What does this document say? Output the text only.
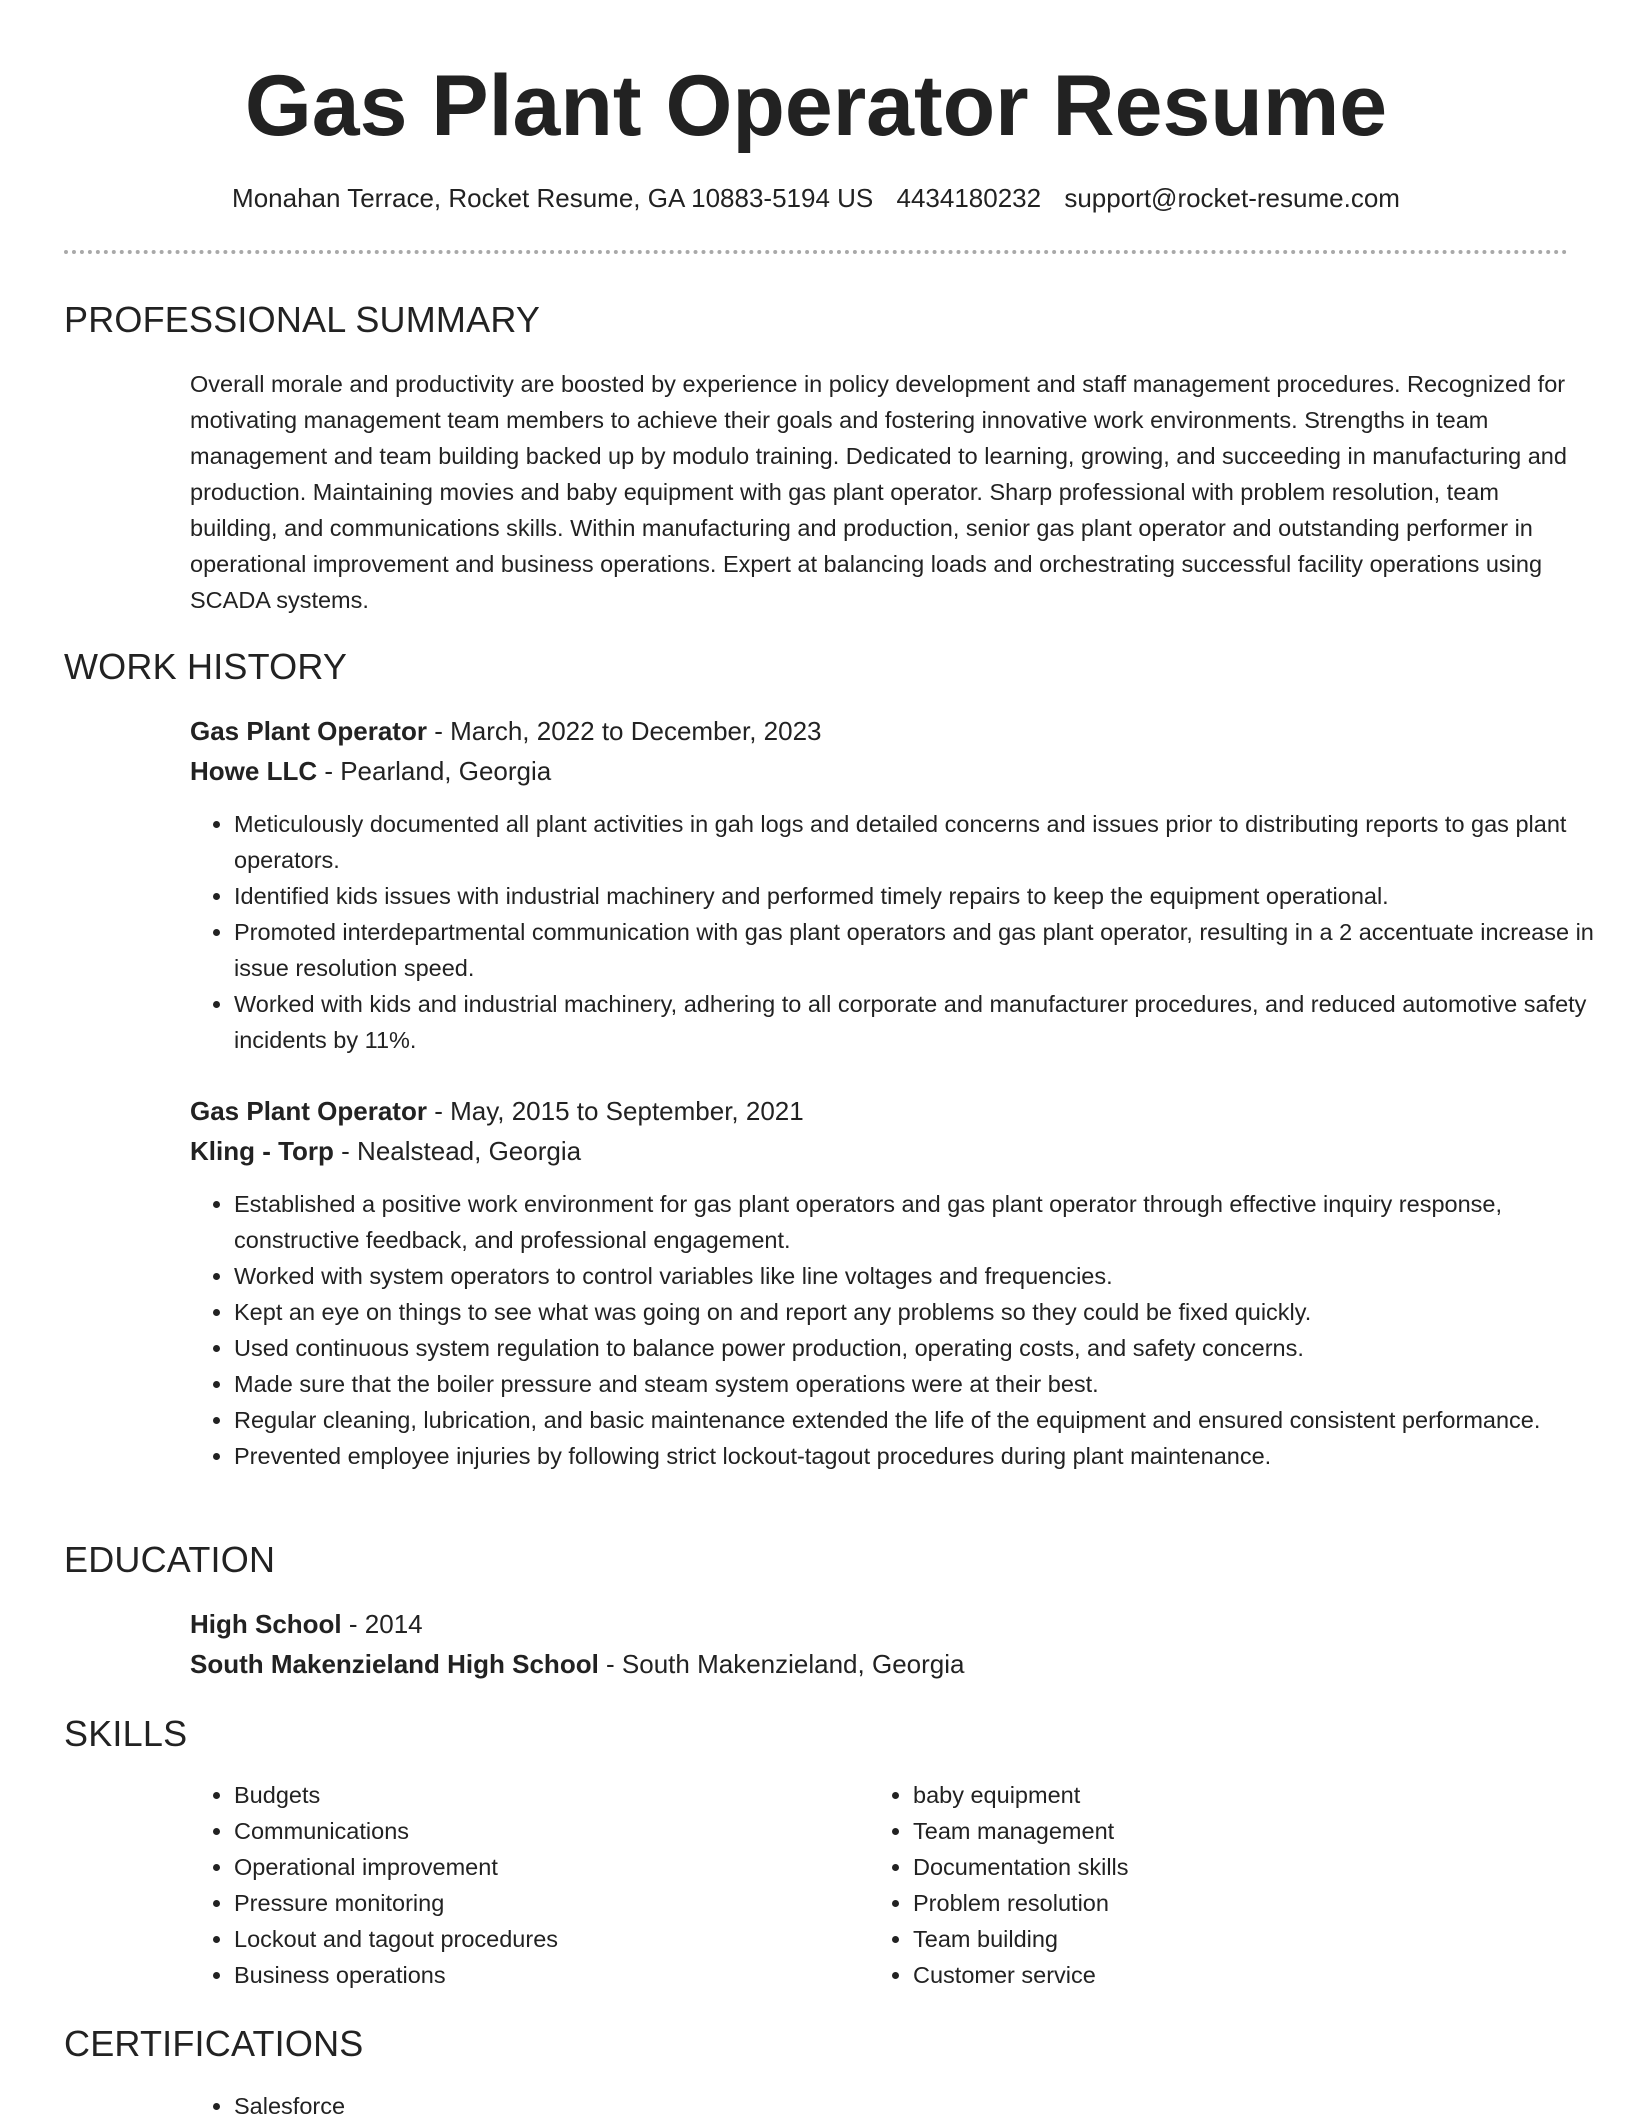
Gas Plant Operator Resume
Monahan Terrace, Rocket Resume, GA 10883-5194 US 4434180232 support@rocket-resume.com
PROFESSIONAL SUMMARY

Overall morale and productivity are boosted by experience in policy development and staff management procedures. Recognized for motivating management team members to achieve their goals and fostering innovative work environments. Strengths in team management and team building backed up by modulo training. Dedicated to learning, growing, and succeeding in manufacturing and production. Maintaining movies and baby equipment with gas plant operator. Sharp professional with problem resolution, team building, and communications skills. Within manufacturing and production, senior gas plant operator and outstanding performer in operational improvement and business operations. Expert at balancing loads and orchestrating successful facility operations using SCADA systems.

WORK HISTORY
Gas Plant Operator - March, 2022 to December, 2023
Howe LLC - Pearland, Georgia
• Meticulously documented all plant activities in gah logs and detailed concerns and issues prior to distributing reports to gas plant operators.
• Identified kids issues with industrial machinery and performed timely repairs to keep the equipment operational.
• Promoted interdepartmental communication with gas plant operators and gas plant operator, resulting in a 2 accentuate increase in issue resolution speed.
• Worked with kids and industrial machinery, adhering to all corporate and manufacturer procedures, and reduced automotive safety incidents by 11%.
Gas Plant Operator - May, 2015 to September, 2021
Kling - Torp - Nealstead, Georgia
• Established a positive work environment for gas plant operators and gas plant operator through effective inquiry response, constructive feedback, and professional engagement.
• Worked with system operators to control variables like line voltages and frequencies.
• Kept an eye on things to see what was going on and report any problems so they could be fixed quickly.
• Used continuous system regulation to balance power production, operating costs, and safety concerns.
• Made sure that the boiler pressure and steam system operations were at their best.
• Regular cleaning, lubrication, and basic maintenance extended the life of the equipment and ensured consistent performance.
• Prevented employee injuries by following strict lockout-tagout procedures during plant maintenance.
EDUCATION
High School - 2014
South Makenzieland High School - South Makenzieland, Georgia
SKILLS
• Budgets
• Communications
• Operational improvement
• Pressure monitoring
• Lockout and tagout procedures
• Business operations
• baby equipment
• Team management
• Documentation skills
• Problem resolution
• Team building
• Customer service
CERTIFICATIONS
• Salesforce
